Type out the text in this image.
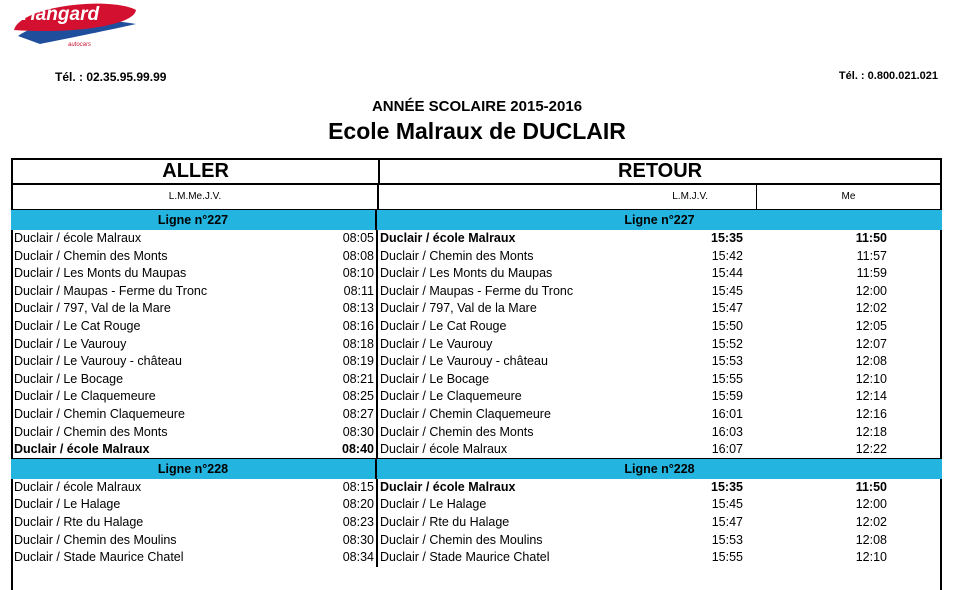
Hangard
autocars
Tél. : 02.35.95.99.99	Tél. : 0.800.021.021
ANNÉE SCOLAIRE 2015-2016
Ecole Malraux de DUCLAIR
ALLER	RETOUR
L.M.Me.J.V.	L.M.J.V.	Me
Ligne n°227	Ligne n°227
Duclair / école Malraux	08:05 Duclair / école Malraux	15:35	11:50
Duclair / Chemin des Monts	08:08 Duclair / Chemin des Monts	15:42	11:57
Duclair / Les Monts du Maupas	08:10 Duclair / Les Monts du Maupas	15:44	11:59
Duclair / Maupas - Ferme du Tronc	08:11 Duclair / Maupas - Ferme du Tronc	15:45	12:00
Duclair / 797, Val de la Mare	08:13 Duclair / 797, Val de la Mare	15:47	12:02
Duclair / Le Cat Rouge	08:16 Duclair / Le Cat Rouge	15:50	12:05
Duclair / Le Vaurouy	08:18 Duclair / Le Vaurouy	15:52	12:07
Duclair / Le Vaurouy - château	08:19 Duclair / Le Vaurouy - château	15:53	12:08
Duclair / Le Bocage	08:21 Duclair / Le Bocage	15:55	12:10
Duclair / Le Claquemeure	08:25 Duclair / Le Claquemeure	15:59	12:14
Duclair / Chemin Claquemeure	08:27 Duclair / Chemin Claquemeure	16:01	12:16
Duclair / Chemin des Monts	08:30 Duclair / Chemin des Monts	16:03	12:18
Duclair / école Malraux	08:40 Duclair / école Malraux	16:07	12:22
Ligne n°228	Ligne n°228
Duclair / école Malraux	08:15 Duclair / école Malraux	15:35	11:50
Duclair / Le Halage	08:20 Duclair / Le Halage	15:45	12:00
Duclair / Rte du Halage	08:23 Duclair / Rte du Halage	15:47	12:02
Duclair / Chemin des Moulins	08:30 Duclair / Chemin des Moulins	15:53	12:08
Duclair / Stade Maurice Chatel	08:34 Duclair / Stade Maurice Chatel	15:55	12:10
